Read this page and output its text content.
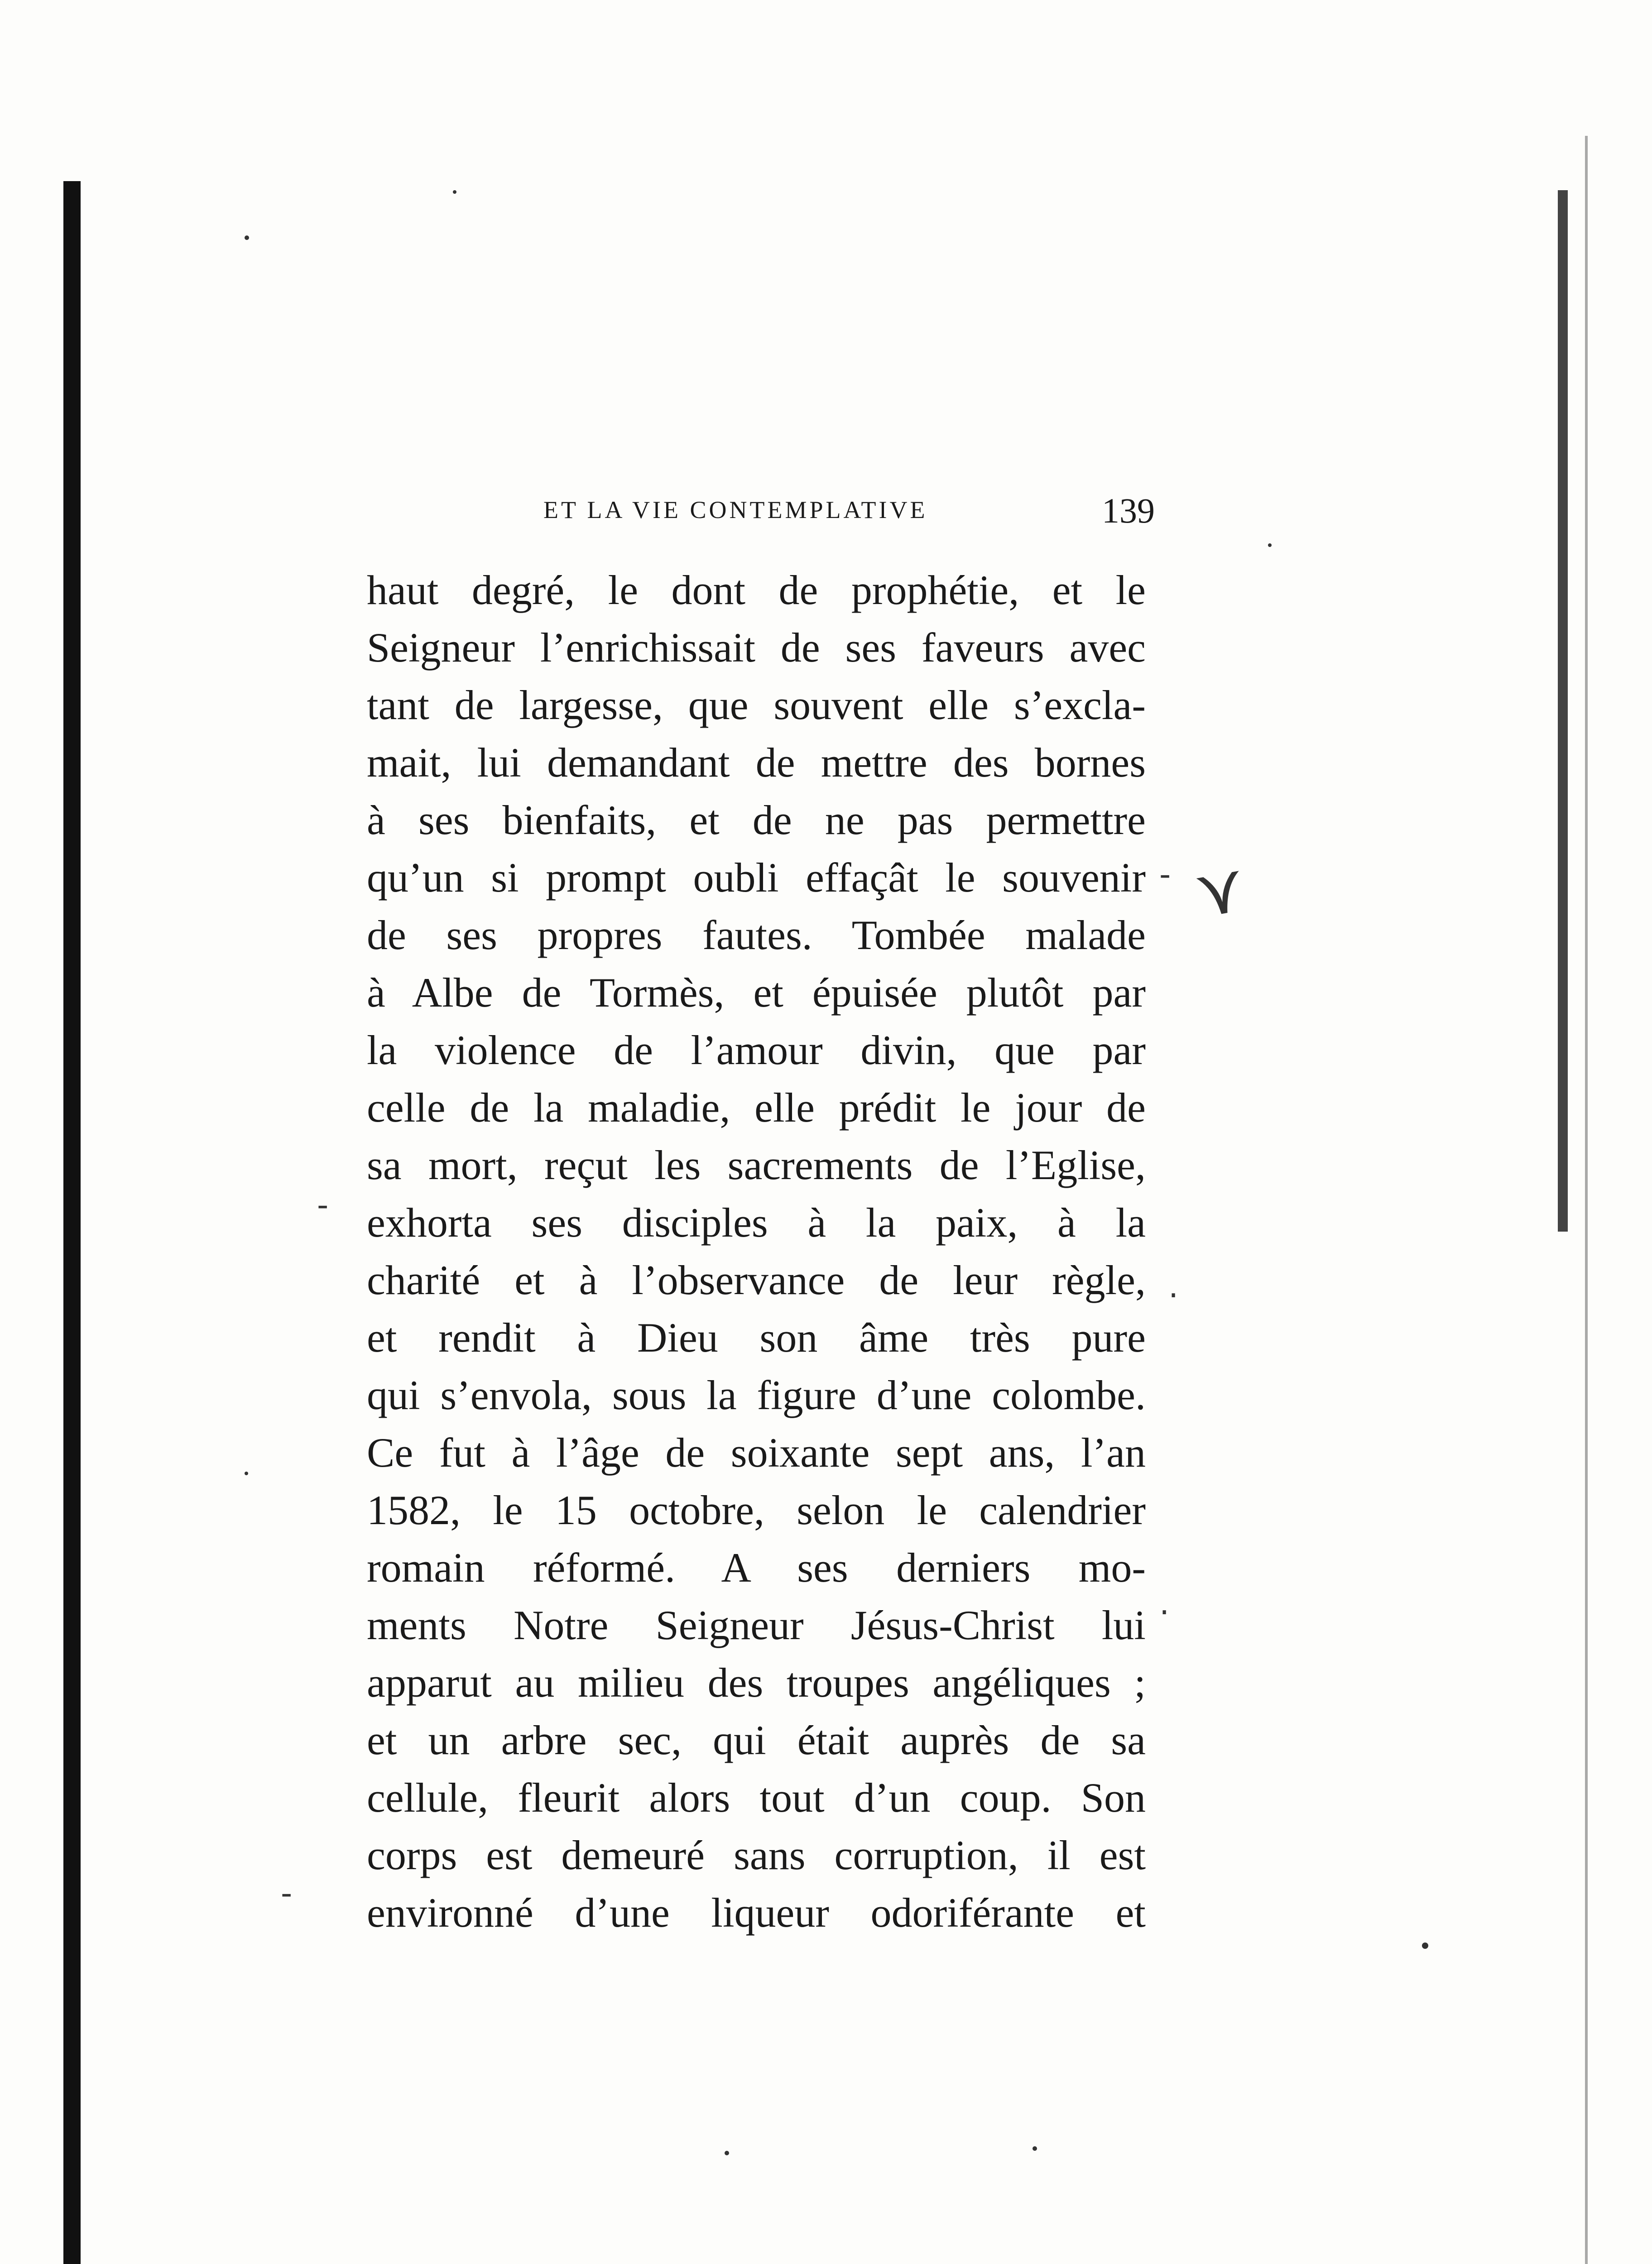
ET LA VIE CONTEMPLATIVE	139
haut degré, le dont de prophétie, et le
Seigneur l’enrichissait de ses faveurs avec
tant de largesse, que souvent elle s’excla-
mait, lui demandant de mettre des bornes
à ses bienfaits, et de ne pas permettre
qu’un si prompt oubli effaçât le souvenir
de ses propres fautes. Tombée malade
à Albe de Tormès, et épuisée plutôt par
la violence de l’amour divin, que par
celle de la maladie, elle prédit le jour de
sa mort, reçut les sacrements de l’Eglise,
exhorta ses disciples à la paix, à la
charité et à l’observance de leur règle,
et rendit à Dieu son âme très pure
qui s’envola, sous la figure d’une colombe.
Ce fut à l’âge de soixante sept ans, l’an
1582, le 15 octobre, selon le calendrier
romain réformé. A ses derniers mo-
ments Notre Seigneur Jésus-Christ lui
apparut au milieu des troupes angéliques ;
et un arbre sec, qui était auprès de sa
cellule, fleurit alors tout d’un coup. Son
corps est demeuré sans corruption, il est
environné d’une liqueur odoriférante et
⋎
-
-
-
·
·
